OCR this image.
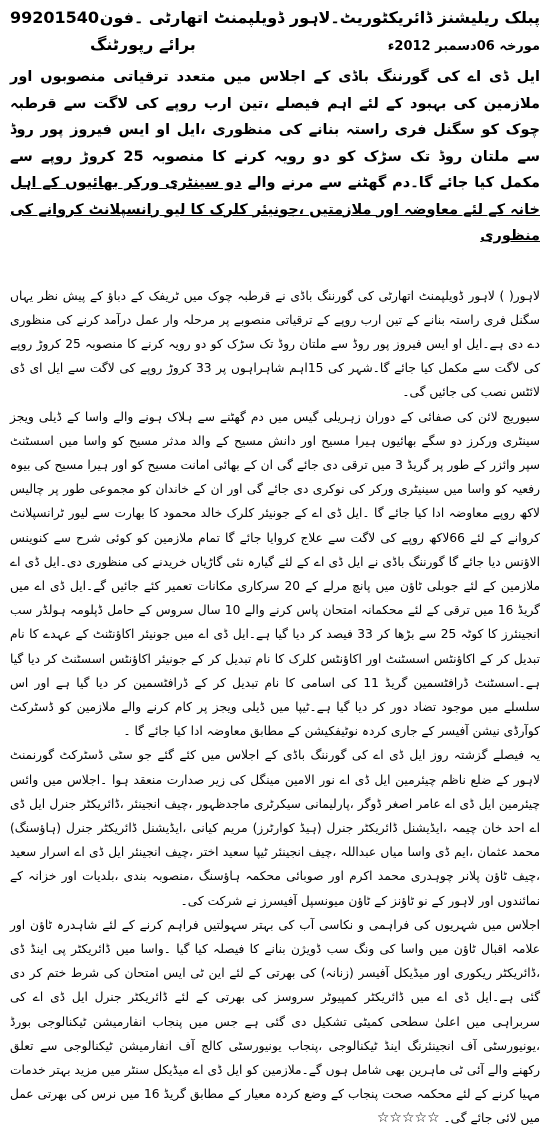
پبلک ریلیشنز ڈائریکٹوریٹ۔لاہور ڈویلپمنٹ اتھارٹی ۔فون
99201540
مورخہ 06دسمبر 2012ء
برائے رپورٹنگ
ایل ڈی اے کی گورننگ باڈی کے اجلاس میں متعدد ترقیاتی منصوبوں اور ملازمین کی بہبود کے لئے اہم فیصلے ،تین ارب روپے کی لاگت سے قرطبہ چوک کو سگنل فری راستہ بنانے کی منظوری ،ایل او ایس فیروز پور روڈ سے ملتان روڈ تک سڑک کو دو رویہ کرنے کا منصوبہ 25 کروڑ روپے سے مکمل کیا جائے گا۔دم گھٹنے سے مرنے والے دو سینٹری ورکر بھائیوں کے اہل خانہ کے لئے معاوضہ اور ملازمتیں ،جونیئر کلرک کا لیو رانسپلانٹ کروانے کی منظوری

لاہور( ) لاہور ڈویلپمنٹ اتھارٹی کی گورننگ باڈی نے قرطبہ چوک میں ٹریفک کے دباؤ کے پیش نظر یہاں سگنل فری راستہ بنانے کے تین ارب روپے کے ترقیاتی منصوبے پر مرحلہ وار عمل درآمد کرنے کی منظوری دے دی ہے۔ایل او ایس فیروز پور روڈ سے ملتان روڈ تک سڑک کو دو رویہ کرنے کا منصوبہ 25 کروڑ روپے کی لاگت سے مکمل کیا جائے گا۔شہر کی 15اہم شاہراہوں پر 33 کروڑ روپے کی لاگت سے ایل ای ڈی لائٹس نصب کی جائیں گی۔

سیوریج لائن کی صفائی کے دوران زہریلی گیس میں دم گھٹنے سے ہلاک ہونے والے واسا کے ڈیلی ویجز سینٹری ورکرز دو سگے بھائیوں ہیرا مسیح اور دانش مسیح کے والد مدثر مسیح کو واسا میں اسسٹنٹ سپر وائزر کے طور پر گریڈ 3 میں ترقی دی جائے گی ان کے بھائی امانت مسیح کو اور ہیرا مسیح کی بیوہ رفعیہ کو واسا میں سینیٹری ورکر کی نوکری دی جائے گی اور ان کے خاندان کو مجموعی طور پر چالیس لاکھ روپے معاوضہ ادا کیا جائے گا ۔ایل ڈی اے کے جونیئر کلرک خالد محمود کا بھارت سے لیور ٹرانسپلانٹ کروانے کے لئے 66لاکھ روپے کی لاگت سے علاج کروایا جائے گا تمام ملازمین کو کوئی شرح سے کنوینس الاؤنس دیا جائے گا گورننگ باڈی نے ایل ڈی اے کے لئے گیارہ نئی گاڑیاں خریدنے کی منظوری دی۔ایل ڈی اے ملازمین کے لئے جوبلی ٹاؤن میں پانچ مرلے کے 20 سرکاری مکانات تعمیر کئے جائیں گے۔ایل ڈی اے میں گریڈ 16 میں ترقی کے لئے محکمانہ امتحان پاس کرنے والے 10 سال سروس کے حامل ڈپلومہ ہولڈر سب انجینئرز کا کوٹہ 25 سے بڑھا کر 33 فیصد کر دیا گیا ہے۔ایل ڈی اے میں جونیئر اکاؤنٹنٹ کے عہدے کا نام تبدیل کر کے اکاؤنٹس اسسٹنٹ اور اکاؤنٹس کلرک کا نام تبدیل کر کے جونیئر اکاؤنٹس اسسٹنٹ کر دیا گیا ہے۔اسسٹنٹ ڈرافٹسمین گریڈ 11 کی اسامی کا نام تبدیل کر کے ڈرافٹسمین کر دیا گیا ہے اور اس سلسلے میں موجود تضاد دور کر دیا گیا ہے۔ٹیپا میں ڈیلی ویجز پر کام کرنے والے ملازمین کو ڈسٹرکٹ کوآرڈی نیشن آفیسر کے جاری کردہ نوٹیفکیشن کے مطابق معاوضہ ادا کیا جائے گا ۔

یہ فیصلے گزشتہ روز ایل ڈی اے کی گورننگ باڈی کے اجلاس میں کئے گئے جو سٹی ڈسٹرکٹ گورنمنٹ لاہور کے ضلع ناظم چیئرمین ایل ڈی اے نور الامین مینگل کی زیر صدارت منعقد ہوا ۔اجلاس میں وائس چیئرمین ایل ڈی اے عامر اصغر ڈوگر ،پارلیمانی سیکرٹری ماجدظہور ،چیف انجینئر ،ڈائریکٹر جنرل ایل ڈی اے احد خان چیمہ ،ایڈیشنل ڈائریکٹر جنرل (ہیڈ کوارٹرز) مریم کیانی ،ایڈیشنل ڈائریکٹر جنرل (ہاؤسنگ) محمد عثمان ،ایم ڈی واسا میاں عبداللہ ،چیف انجینئر ٹیپا سعید اختر ،چیف انجینئر ایل ڈی اے اسرار سعید ،چیف ٹاؤن پلانر چوہدری محمد اکرم اور صوبائی محکمہ ہاؤسنگ ،منصوبہ بندی ،بلدیات اور خزانہ کے نمائندوں اور لاہور کے نو ٹاؤنز کے ٹاؤن میونسپل آفیسرز نے شرکت کی۔

اجلاس میں شہریوں کی فراہمی و نکاسی آب کی بہتر سہولتیں فراہم کرنے کے لئے شاہدرہ ٹاؤن اور علامہ اقبال ٹاؤن میں واسا کی ونگ سب ڈویژن بنانے کا فیصلہ کیا گیا ۔واسا میں ڈائریکٹر پی اینڈ ڈی ،ڈائریکٹر ریکوری اور میڈیکل آفیسر (زنانہ) کی بھرتی کے لئے این ٹی ایس امتحان کی شرط ختم کر دی گئی ہے۔ایل ڈی اے میں ڈائریکٹر کمپیوٹر سروسز کی بھرتی کے لئے ڈائریکٹر جنرل ایل ڈی اے کی سربراہی میں اعلیٰ سطحی کمیٹی تشکیل دی گئی ہے جس میں پنجاب انفارمیشن ٹیکنالوجی بورڈ ،یونیورسٹی آف انجینئرنگ اینڈ ٹیکنالوجی ،پنجاب یونیورسٹی کالج آف انفارمیشن ٹیکنالوجی سے تعلق رکھنے والے آئی ٹی ماہرین بھی شامل ہوں گے۔ملازمین کو ایل ڈی اے میڈیکل سنٹر میں مزید بہتر خدمات مہیا کرنے کے لئے محکمہ صحت پنجاب کے وضع کردہ معیار کے مطابق گریڈ 16 میں نرس کی بھرتی عمل میں لائی جائے گی۔ ☆☆☆☆☆
